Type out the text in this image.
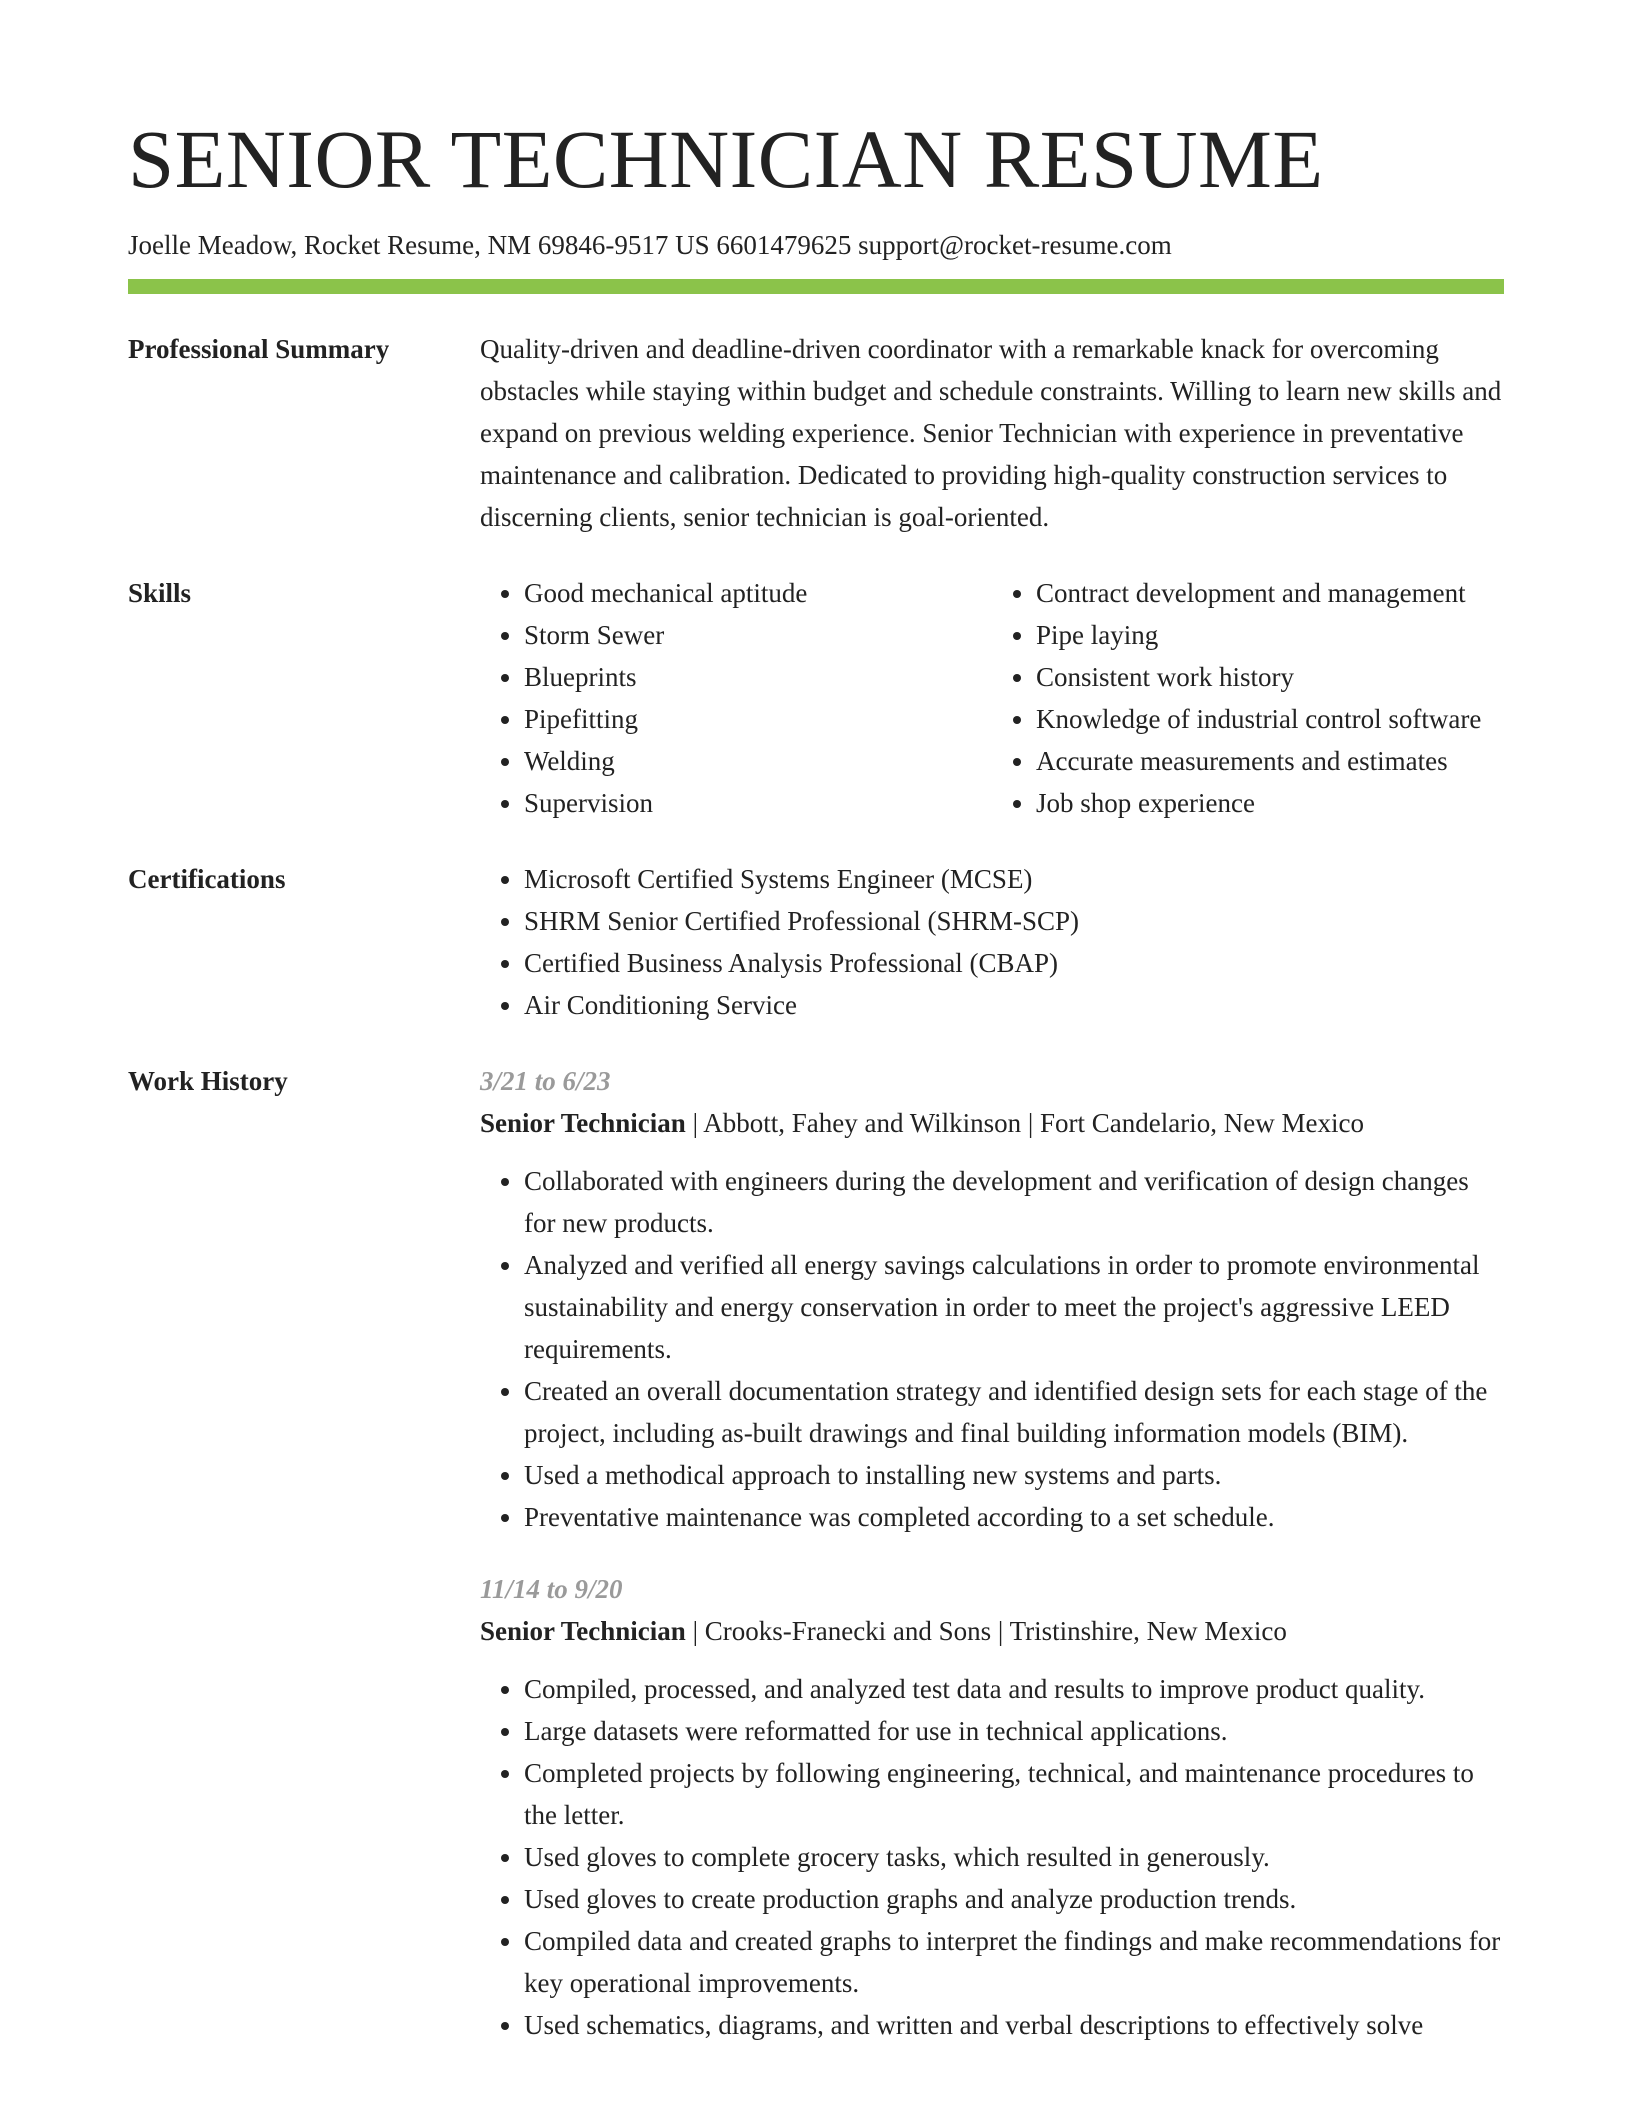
SENIOR TECHNICIAN RESUME
Joelle Meadow, Rocket Resume, NM 69846-9517 US 6601479625 support@rocket-resume.com
Professional Summary	Quality-driven and deadline-driven coordinator with a remarkable knack for overcoming obstacles while staying within budget and schedule constraints. Willing to learn new skills and expand on previous welding experience. Senior Technician with experience in preventative maintenance and calibration. Dedicated to providing high-quality construction services to discerning clients, senior technician is goal-oriented.

Skills	• Good mechanical aptitude
• Storm Sewer
• Blueprints
• Pipefitting
• Welding
• Supervision
• Contract development and management
• Pipe laying
• Consistent work history
• Knowledge of industrial control software
• Accurate measurements and estimates
• Job shop experience
Certifications	• Microsoft Certified Systems Engineer (MCSE)
• SHRM Senior Certified Professional (SHRM-SCP)
• Certified Business Analysis Professional (CBAP)
• Air Conditioning Service
Work History	3/21 to 6/23
Senior Technician | Abbott, Fahey and Wilkinson | Fort Candelario, New Mexico
• Collaborated with engineers during the development and verification of design changes for new products.
• Analyzed and verified all energy savings calculations in order to promote environmental sustainability and energy conservation in order to meet the project's aggressive LEED requirements.
• Created an overall documentation strategy and identified design sets for each stage of the project, including as-built drawings and final building information models (BIM).
• Used a methodical approach to installing new systems and parts.
• Preventative maintenance was completed according to a set schedule.
11/14 to 9/20
Senior Technician | Crooks-Franecki and Sons | Tristinshire, New Mexico
• Compiled, processed, and analyzed test data and results to improve product quality.
• Large datasets were reformatted for use in technical applications.
• Completed projects by following engineering, technical, and maintenance procedures to the letter.
• Used gloves to complete grocery tasks, which resulted in generously.
• Used gloves to create production graphs and analyze production trends.
• Compiled data and created graphs to interpret the findings and make recommendations for key operational improvements.
• Used schematics, diagrams, and written and verbal descriptions to effectively solve
